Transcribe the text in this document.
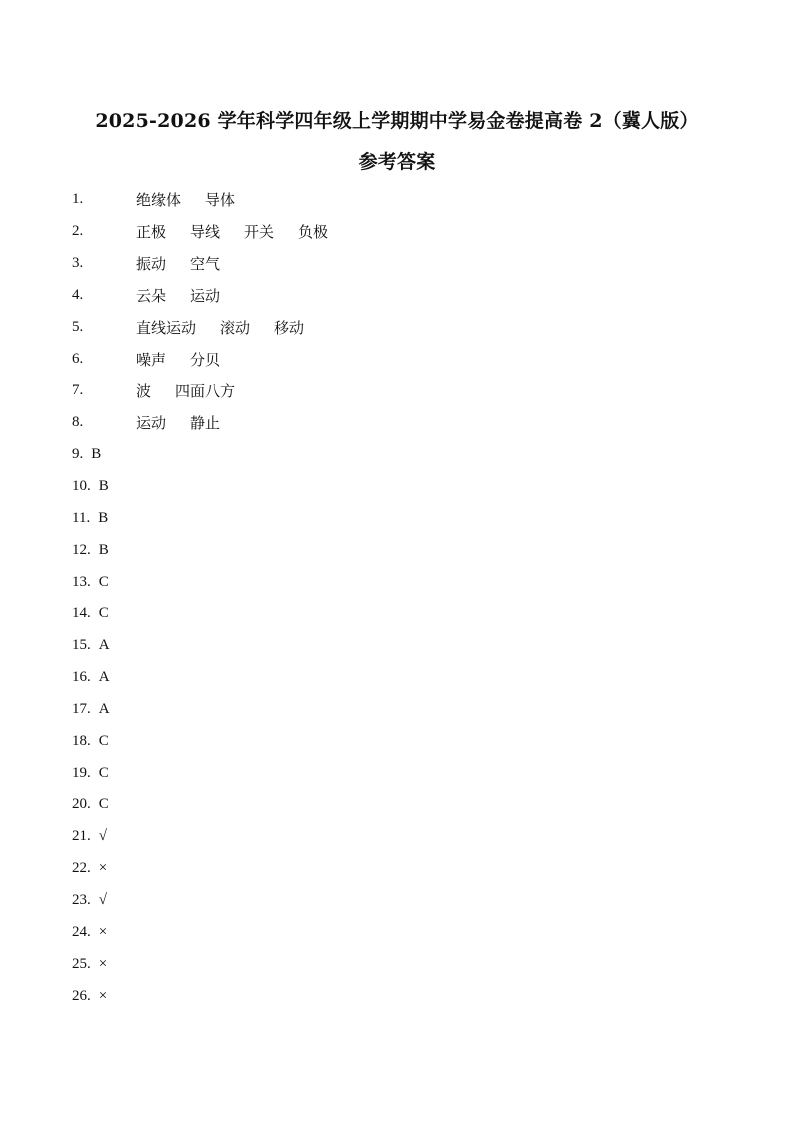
2025-2026 学年科学四年级上学期期中学易金卷提高卷 2（冀人版）
参考答案
1.	绝缘体 导体
2.	正极 导线 开关 负极
3.	振动 空气
4.	云朵 运动
5.	直线运动 滚动 移动
6.	噪声 分贝
7.	波 四面八方
8.	运动 静止
9. B
10. B
11. B
12. B
13. C
14. C
15. A
16. A
17. A
18. C
19. C
20. C
21. √
22. ×
23. √
24. ×
25. ×
26. ×
